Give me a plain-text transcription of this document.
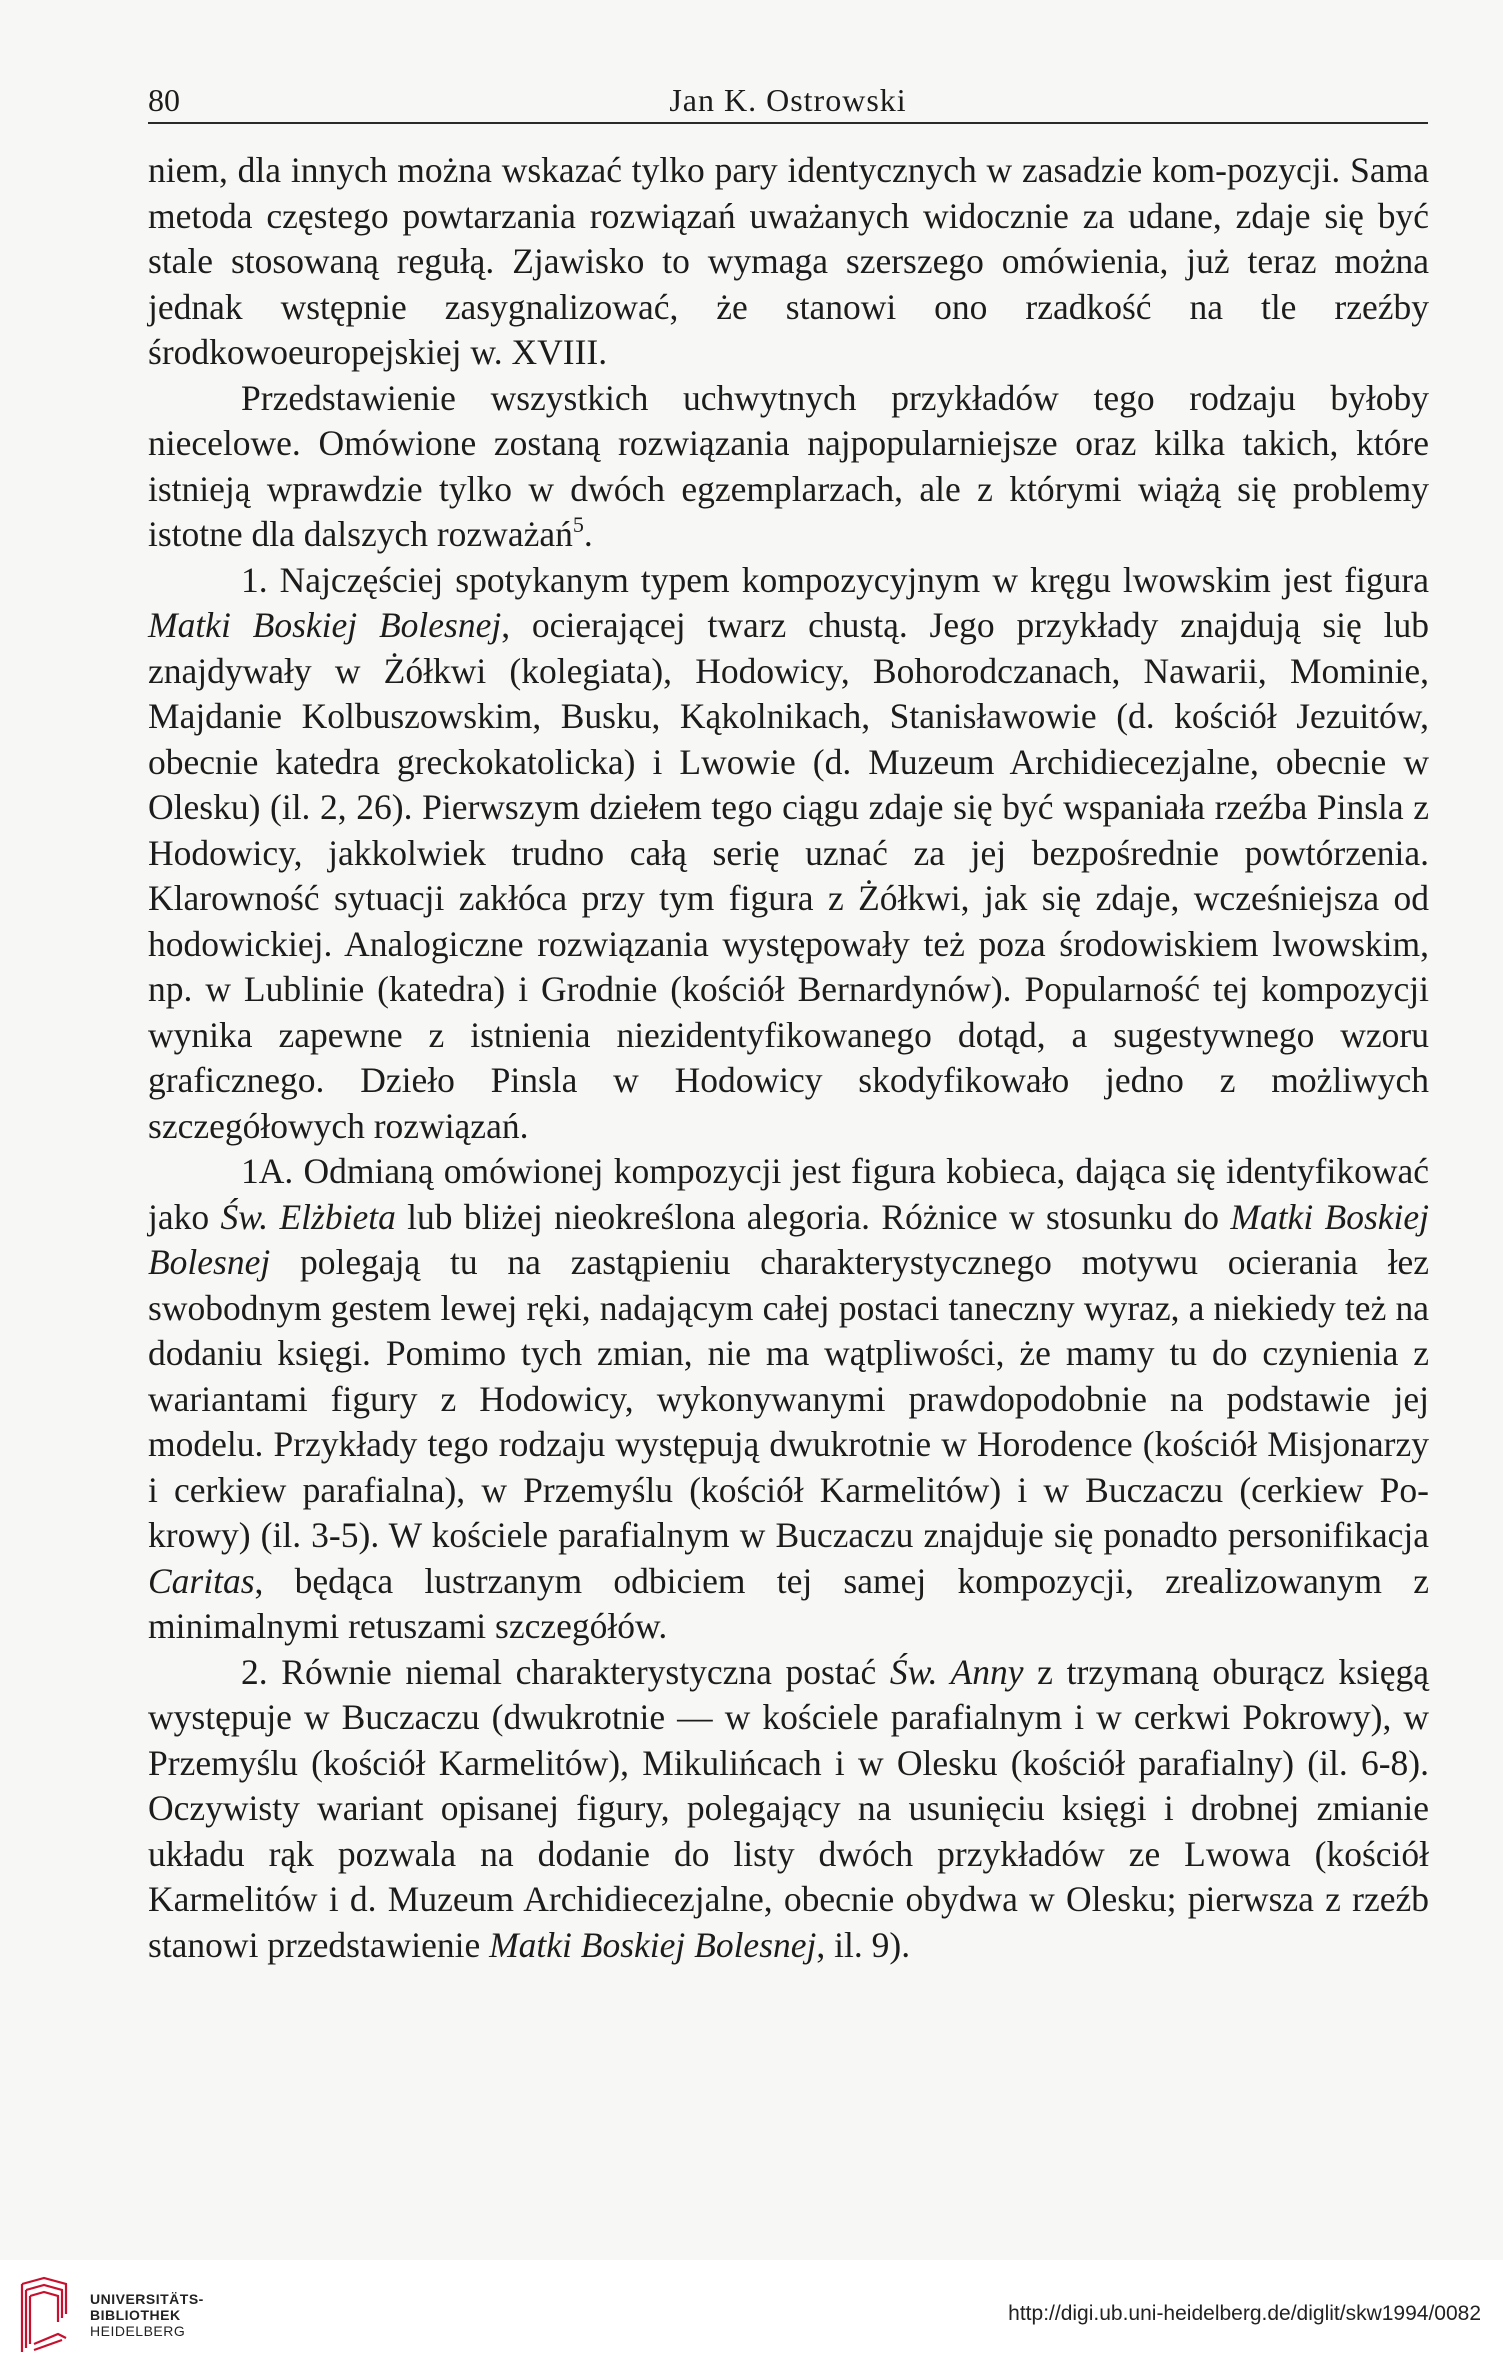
80	Jan K. Ostrowski

niem, dla innych można wskazać tylko pary identycznych w zasadzie kom-pozycji. Sama metoda częstego powtarzania rozwiązań uważanych widocznie za udane, zdaje się być stale stosowaną regułą. Zjawisko to wymaga szerszego omówienia, już teraz można jednak wstępnie zasygnalizować, że stanowi ono rzadkość na tle rzeźby środkowoeuropejskiej w. XVIII.

Przedstawienie wszystkich uchwytnych przykładów tego rodzaju byłoby niecelowe. Omówione zostaną rozwiązania najpopularniejsze oraz kilka takich, które istnieją wprawdzie tylko w dwóch egzemplarzach, ale z którymi wiążą się problemy istotne dla dalszych rozważań$^5$.

1. Najczęściej spotykanym typem kompozycyjnym w kręgu lwowskim jest figura Matki Boskiej Bolesnej, ocierającej twarz chustą. Jego przykłady znajdują się lub znajdywały w Żółkwi (kolegiata), Hodowicy, Bohorodczanach, Nawarii, Mominie, Majdanie Kolbuszowskim, Busku, Kąkolnikach, Stanisławowie (d. kościół Jezuitów, obecnie katedra greckokatolicka) i Lwowie (d. Muzeum Archidiecezjalne, obecnie w Olesku) (il. 2, 26). Pierwszym dziełem tego ciągu zdaje się być wspaniała rzeźba Pinsla z Hodowicy, jakkolwiek trudno całą serię uznać za jej bezpośrednie powtórzenia. Klarowność sytuacji zakłóca przy tym figura z Żółkwi, jak się zdaje, wcześniejsza od hodowickiej. Analogiczne rozwiązania występowały też poza środowiskiem lwowskim, np. w Lublinie (katedra) i Grodnie (kościół Bernardynów). Popularność tej kompozycji wynika zapewne z istnienia niezidentyfikowanego dotąd, a sugestywnego wzoru graficznego. Dzieło Pinsla w Hodowicy skodyfikowało jedno z możliwych szczegółowych rozwiązań.

1A. Odmianą omówionej kompozycji jest figura kobieca, dająca się identyfikować jako Św. Elżbieta lub bliżej nieokreślona alegoria. Różnice w stosunku do Matki Boskiej Bolesnej polegają tu na zastąpieniu charakterystycznego motywu ocierania łez swobodnym gestem lewej ręki, nadającym całej postaci taneczny wyraz, a niekiedy też na dodaniu księgi. Pomimo tych zmian, nie ma wątpliwości, że mamy tu do czynienia z wariantami figury z Hodowicy, wykonywanymi prawdopodobnie na podstawie jej modelu. Przykłady tego rodzaju występują dwukrotnie w Horodence (kościół Misjonarzy i cerkiew parafialna), w Przemyślu (kościół Karmelitów) i w Buczaczu (cerkiew Pokrowy) (il. 3-5). W kościele parafialnym w Buczaczu znajduje się ponadto personifikacja Caritas, będąca lustrzanym odbiciem tej samej kompozycji, zrealizowanym z minimalnymi retuszami szczegółów.

2. Równie niemal charakterystyczna postać Św. Anny z trzymaną oburącz księgą występuje w Buczaczu (dwukrotnie — w kościele parafialnym i w cerkwi Pokrowy), w Przemyślu (kościół Karmelitów), Mikulińcach i w Olesku (kościół parafialny) (il. 6-8). Oczywisty wariant opisanej figury, polegający na usunięciu księgi i drobnej zmianie układu rąk pozwala na dodanie do listy dwóch przykładów ze Lwowa (kościół Karmelitów i d. Muzeum Archidiecezjalne, obecnie obydwa w Olesku; pierwsza z rzeźb stanowi przedstawienie Matki Boskiej Bolesnej, il. 9).

UNIVERSITÄTS-
BIBLIOTHEK
HEIDELBERG
http://digi.ub.uni-heidelberg.de/diglit/skw1994/0082
